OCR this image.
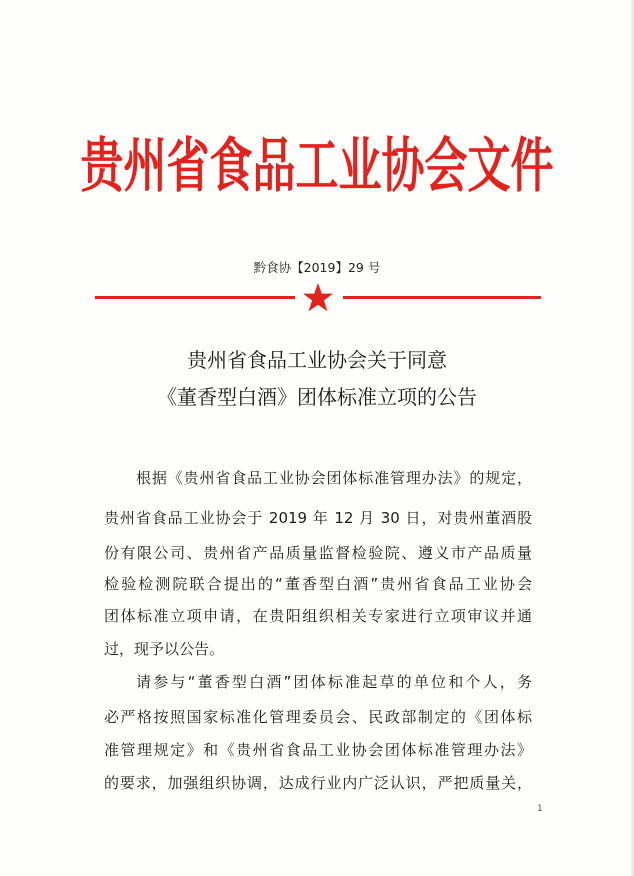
贵州省食品工业协会文件
黔食协【2019】29 号
贵州省食品工业协会关于同意
《董香型白酒》团体标准立项的公告
根据《贵州省食品工业协会团体标准管理办法》的规定，
贵州省食品工业协会于 2019 年 12 月 30 日，对贵州董酒股
份有限公司、贵州省产品质量监督检验院、遵义市产品质量
检验检测院联合提出的“董香型白酒”贵州省食品工业协会
团体标准立项申请，在贵阳组织相关专家进行立项审议并通
过，现予以公告。
请参与“董香型白酒”团体标准起草的单位和个人，务
必严格按照国家标准化管理委员会、民政部制定的《团体标
准管理规定》和《贵州省食品工业协会团体标准管理办法》
的要求，加强组织协调，达成行业内广泛认识，严把质量关，
1
